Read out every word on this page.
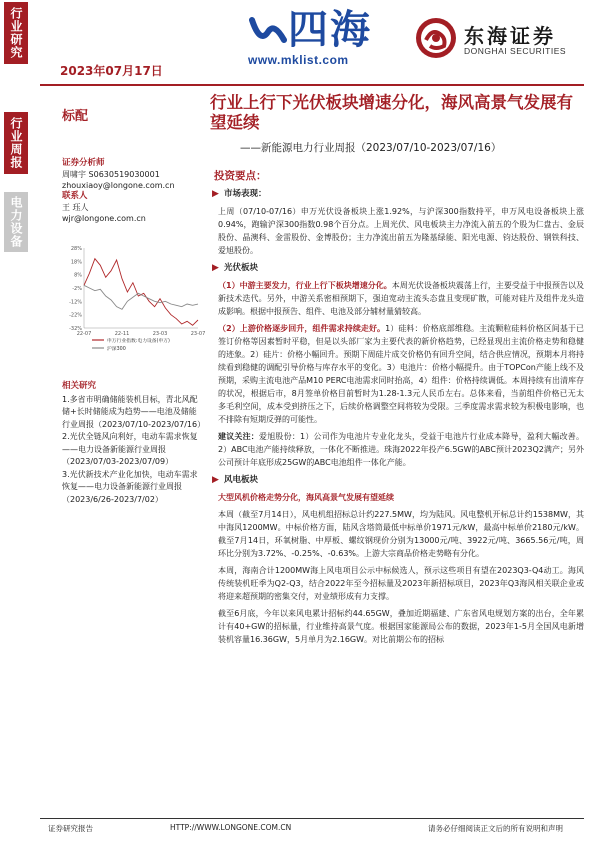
行业研究
行业周报
电力设备
2023年07月17日
四海
www.mklist.com
东海证券
DONGHAI SECURITIES
标配
行业上行下光伏板块增速分化，海风高景气发展有望延续
——新能源电力行业周报（2023/07/10-2023/07/16）
证券分析师
周啸宇 S0630519030001
zhouxiaoy@longone.com.cn
联系人
王 珏人
wjr@longone.com.cn
28%
18%
8%
-2%
-12%
-22%
-32%
22-07	22-11	23-03	23-07
申万行业指数:电力设备(申万)
沪深300
相关研究
1.多省市明确储能装机目标，青北风配储+长时储能成为趋势——电池及储能行业周报（2023/07/10-2023/07/16）
2.光伏全链风向利好，电动车需求恢复——电力设备新能源行业周报（2023/07/03-2023/07/09）
3.光伏新技术产业化加快，电动车需求恢复——电力设备新能源行业周报（2023/6/26-2023/7/02）
投资要点：
▶ 市场表现：
上周（07/10-07/16）申万光伏设备板块上涨1.92%，与沪深300指数持平，申万风电设备板块上涨0.94%，跑输沪深300指数0.98个百分点。上周光伏、风电板块主力净流入前五的个股为仁盘古、金辰股份、晶澳科、金雷股份、金博股份；主力净流出前五为隆基绿能、阳光电源、钧达股份、钢铁科技、爱旭股份。
▶ 光伏板块
（1）中游主要发力，行业上行下板块增速分化。本周光伏设备板块震荡上行，主要受益于中报预告以及新技术迭代。另外，中游关系密相预期下，强迫宽动主流头态盘且变现矿散，可能对硅片及组件龙头造成影响。根据中报预告、组件、电池及部分辅材量猜较高。
（2）上游价格逐步回升，组件需求持续走好。1）硅料：价格底部维稳。主流颗粒硅料价格区间基于已签订价格等因素暂时平稳，但是以头部厂家为主要代表的新价格趋势，已经显现出主流价格走势和稳健的迹象。2）硅片：价格小幅回升。预期下周硅片成交价格仍有回升空间，结合供应情况，预期本月将持续看到稳健的调配引导价格与库存水平的变化。3）电池片：价格小幅提升。由于TOPCon产能上线不及预期，采购主流电池产品M10 PERC电池需求同时抬高，4）组件：价格持续调低。本周持续有出清库存的状况，根据后市，8月签单价格目前暂时为1.28-1.3元人民币左右。总体来看，当前组件价格已无太多毛利空间，成本受到挤压之下，后续价格调整空间将较为受限。三季度需求需求较为积极电影响，也不排除有短期反弹的可能性。
建议关注：爱旭股份：1）公司作为电池片专业化龙头，受益于电池片行业成本降导，盈利大幅改善。2）ABC电池产能持续释放，一体化不断推进。珠海2022年投产6.5GW的ABC预计2023Q2满产；另外公司预计年底形成25GW的ABC电池组件一体化产能。
▶ 风电板块
大型风机价格走势分化，海风高景气发展有望延续
本周（截至7月14日），风电机组招标总计约227.5MW，均为陆风。风电整机开标总计约1538MW，其中海风1200MW。中标价格方面，陆风含塔筒最低中标单价1971元/kW，最高中标单价2180元/kW。截至7月14日，环氧树脂、中厚板、螺纹钢现价分别为13000元/吨、3922元/吨、3665.56元/吨，周环比分别为3.72%、-0.25%、-0.63%。上游大宗商品价格走势略有分化。
本周，海南合计1200MW海上风电项目公示中标候选人，预示这些项目有望在2023Q3-Q4动工。海风传统装机旺季为Q2-Q3，结合2022年至今招标量及2023年新招标项目，2023年Q3海风相关联企业或将迎来超预期的密集交付，对业绩形成有力支撑。
截至6月底，今年以来风电累计招标约44.65GW，叠加近期福建、广东省风电规划方案的出台，全年累计有40+GW的招标量，行业维持高景气度。根据国家能源局公布的数据，2023年1-5月全国风电新增装机容量16.36GW，5月单月为2.16GW。对比前期公布的招标
证券研究报告	HTTP://WWW.LONGONE.COM.CN	请务必仔细阅读正文后的所有说明和声明
